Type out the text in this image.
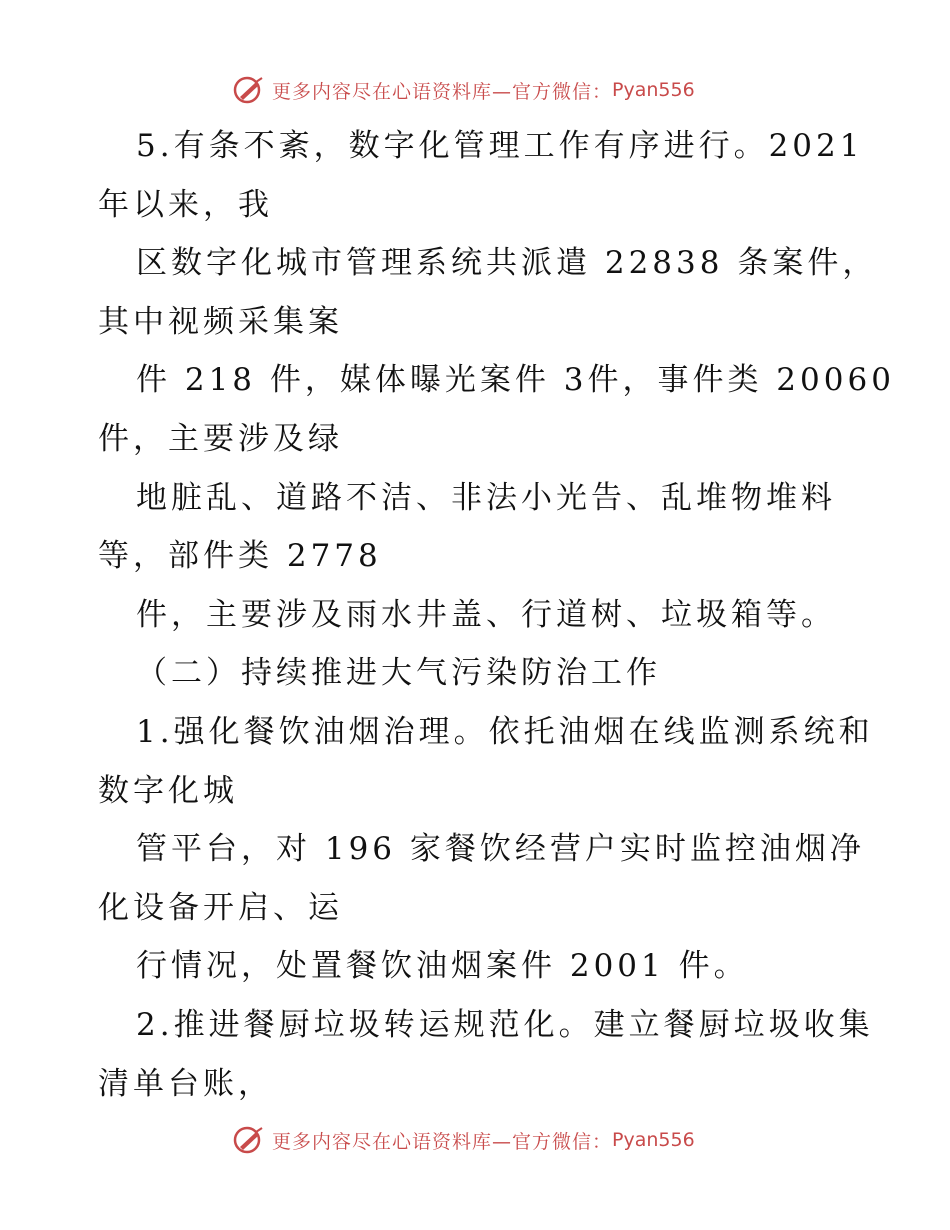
更多内容尽在心语资料库 —官方微信： Pyan556
5.有条不紊，数字化管理工作有序进行。2021
年以来，我
区数字化城市管理系统共派遣 22838 条案件，
其中视频采集案
件 218 件，媒体曝光案件 3件，事件类 20060
件，主要涉及绿
地脏乱、道路不洁、非法小光告、乱堆物堆料
等，部件类 2778
件，主要涉及雨水井盖、行道树、垃圾箱等。
（二）持续推进大气污染防治工作
1.强化餐饮油烟治理。依托油烟在线监测系统和
数字化城
管平台，对 196 家餐饮经营户实时监控油烟净
化设备开启、运
行情况，处置餐饮油烟案件 2001 件。
2.推进餐厨垃圾转运规范化。建立餐厨垃圾收集
清单台账，
更多内容尽在心语资料库 —官方微信： Pyan556
